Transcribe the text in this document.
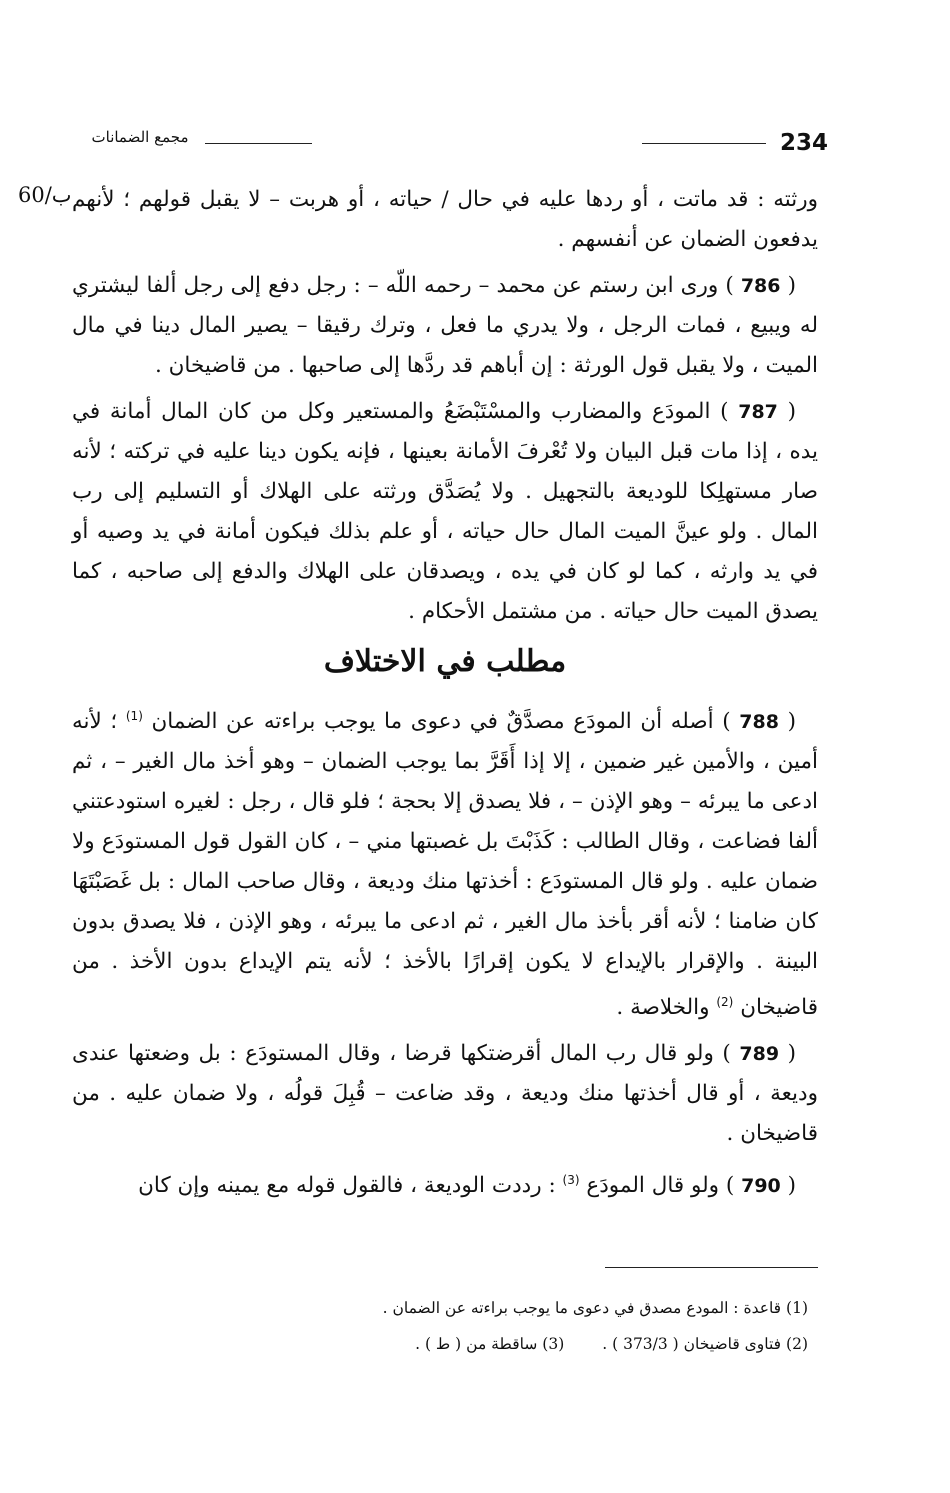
مجمع الضمانات	234
60/ب ورثته : قد ماتت ، أو ردها عليه في حال / حياته ، أو هربت – لا يقبل قولهم ؛ لأنهم يدفعون الضمان عن أنفسهم .

( 786 ) ورى ابن رستم عن محمد – رحمه اللّه – : رجل دفع إلى رجل ألفا ليشتري له ويبيع ، فمات الرجل ، ولا يدري ما فعل ، وترك رقيقا – يصير المال دينا في مال الميت ، ولا يقبل قول الورثة : إن أباهم قد ردَّها إلى صاحبها . من قاضيخان .

( 787 ) المودَع والمضارب والمسْتَبْضَعُ والمستعير وكل من كان المال أمانة في يده ، إذا مات قبل البيان ولا تُعْرفَ الأمانة بعينها ، فإنه يكون دينا عليه في تركته ؛ لأنه صار مستهلِكا للوديعة بالتجهيل . ولا يُصَدَّق ورثته على الهلاك أو التسليم إلى رب المال . ولو عينَّ الميت المال حال حياته ، أو علم بذلك فيكون أمانة في يد وصيه أو في يد وارثه ، كما لو كان في يده ، ويصدقان على الهلاك والدفع إلى صاحبه ، كما يصدق الميت حال حياته . من مشتمل الأحكام .

مطلب في الاختلاف

( 788 ) أصله أن المودَع مصدَّقٌ في دعوى ما يوجب براءته عن الضمان $^{(1)}$ ؛ لأنه أمين ، والأمين غير ضمين ، إلا إذا أَقَرَّ بما يوجب الضمان – وهو أخذ مال الغير – ، ثم ادعى ما يبرئه – وهو الإذن – ، فلا يصدق إلا بحجة ؛ فلو قال ، رجل : لغيره استودعتني ألفا فضاعت ، وقال الطالب : كَذَبْتَ بل غصبتها مني – ، كان القول قول المستودَع ولا ضمان عليه . ولو قال المستودَع : أخذتها منك وديعة ، وقال صاحب المال : بل غَصَبْتَهَا كان ضامنا ؛ لأنه أقر بأخذ مال الغير ، ثم ادعى ما يبرئه ، وهو الإذن ، فلا يصدق بدون البينة . والإقرار بالإيداع لا يكون إقرارًا بالأخذ ؛ لأنه يتم الإيداع بدون الأخذ . من قاضيخان $^{(2)}$ والخلاصة .

( 789 ) ولو قال رب المال أقرضتكها قرضا ، وقال المستودَع : بل وضعتها عندى وديعة ، أو قال أخذتها منك وديعة ، وقد ضاعت – قُبِلَ قولُه ، ولا ضمان عليه . من قاضيخان .

( 790 ) ولو قال المودَع $^{(3)}$ : رددت الوديعة ، فالقول قوله مع يمينه وإن كان

(1) قاعدة : المودع مصدق في دعوى ما يوجب براءته عن الضمان .
(2) فتاوى قاضيخان ( 373/3 ) .
(3) ساقطة من ( ط ) .
